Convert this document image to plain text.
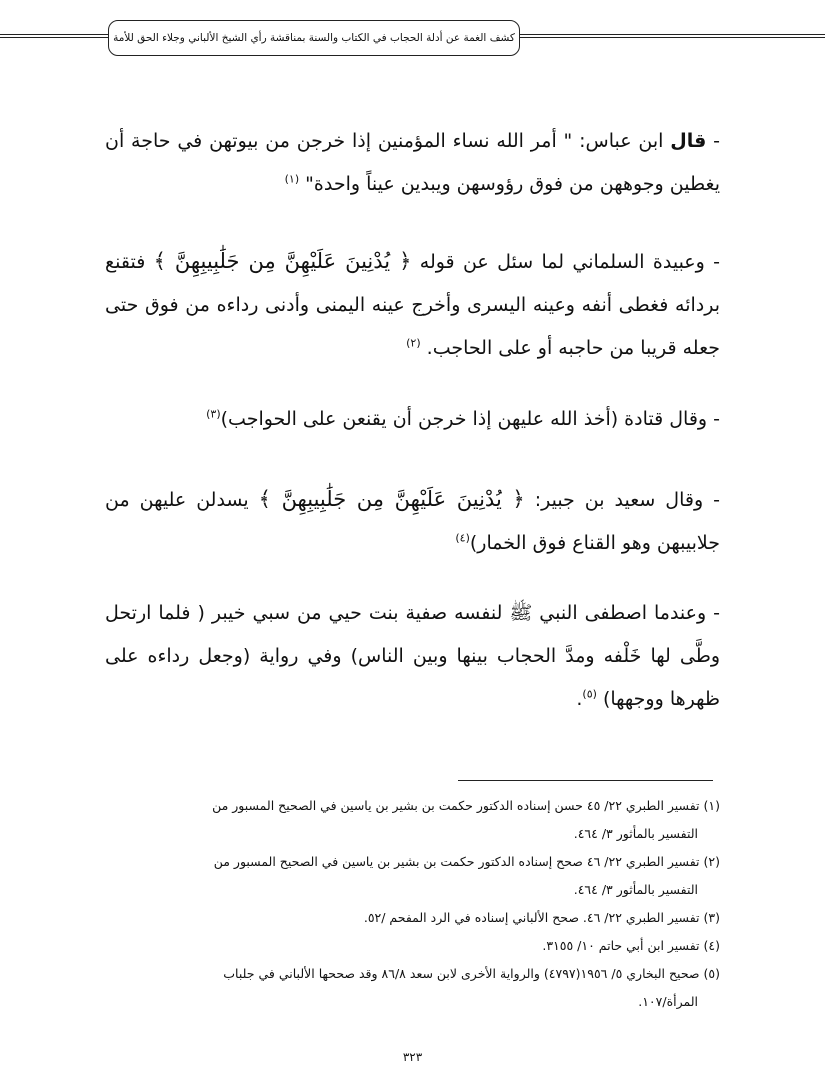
كشف الغمة عن أدلة الحجاب في الكتاب والسنة بمناقشة رأي الشيخ الألباني وجلاء الحق للأمة
- قال ابن عباس: " أمر الله نساء المؤمنين إذا خرجن من بيوتهن في حاجة أن يغطين وجوههن من فوق رؤوسهن ويبدين عيناً واحدة" $^{(١)}$
- وعبيدة السلماني لما سئل عن قوله ﴿ يُدْنِينَ عَلَيْهِنَّ مِن جَلَٰبِيبِهِنَّ ﴾ فتقنع بردائه فغطى أنفه وعينه اليسرى وأخرج عينه اليمنى وأدنى رداءه من فوق حتى جعله قريبا من حاجبه أو على الحاجب. $^{(٢)}$
- وقال قتادة (أخذ الله عليهن إذا خرجن أن يقنعن على الحواجب)$^{(٣)}$
- وقال سعيد بن جبير: ﴿ يُدْنِينَ عَلَيْهِنَّ مِن جَلَٰبِيبِهِنَّ ﴾ يسدلن عليهن من جلابيبهن وهو القناع فوق الخمار)$^{(٤)}$
- وعندما اصطفى النبي ﷺ لنفسه صفية بنت حيي من سبي خيبر ( فلما ارتحل وطَّى لها خَلْفه ومدَّ الحجاب بينها وبين الناس) وفي رواية (وجعل رداءه على ظهرها ووجهها) $^{(٥)}$.

(١) تفسير الطبري ٢٢/ ٤٥ حسن إسناده الدكتور حكمت بن بشير بن ياسين في الصحيح المسبور من
التفسير بالمأثور ٣/ ٤٦٤.

(٢) تفسير الطبري ٢٢/ ٤٦ صحح إسناده الدكتور حكمت بن بشير بن ياسين في الصحيح المسبور من
التفسير بالمأثور ٣/ ٤٦٤.

(٣) تفسير الطبري ٢٢/ ٤٦. صحح الألباني إسناده في الرد المفحم /٥٢.

(٤) تفسير ابن أبي حاتم ١٠/ ٣١٥٥.

(٥) صحيح البخاري ٥/ ١٩٥٦(٤٧٩٧) والرواية الأخرى لابن سعد ٨٦/٨ وقد صححها الألباني في جلباب
المرأة/١٠٧.

٣٢٣
